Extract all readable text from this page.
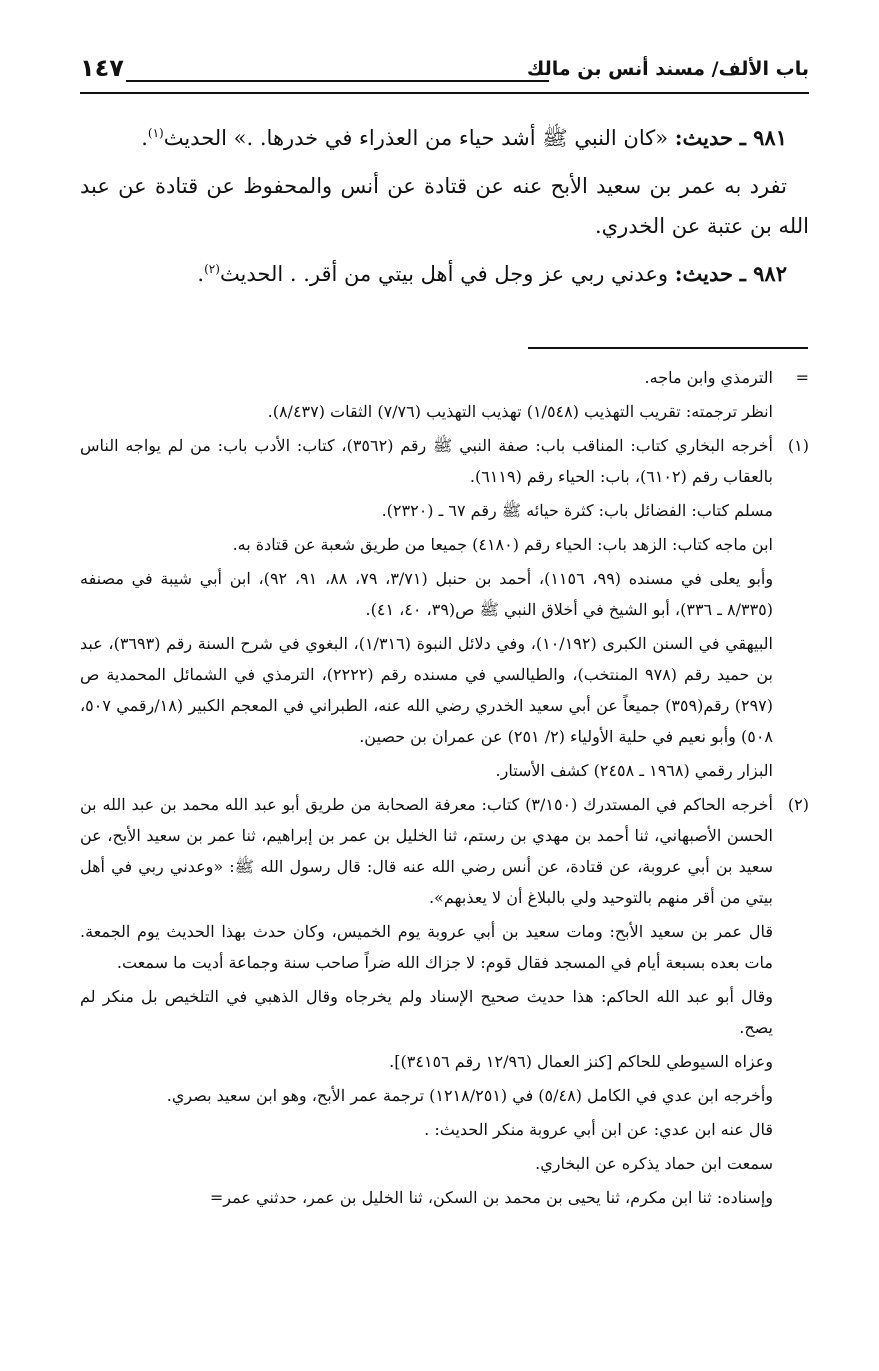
باب الألف/ مسند أنس بن مالك
١٤٧

٩٨١ ـ حديث: «كان النبي ﷺ أشد حياء من العذراء في خدرها. .» الحديث$^{(١)}$.

تفرد به عمر بن سعيد الأبح عنه عن قتادة عن أنس والمحفوظ عن قتادة عن عبد الله بن عتبة عن الخدري.

٩٨٢ ـ حديث: وعدني ربي عز وجل في أهل بيتي من أقر. . الحديث$^{(٢)}$.

=

الترمذي وابن ماجه.

انظر ترجمته: تقريب التهذيب (١/٥٤٨) تهذيب التهذيب (٧/٧٦) الثقات (٨/٤٣٧).

(١)

أخرجه البخاري كتاب: المناقب باب: صفة النبي ﷺ رقم (٣٥٦٢)، كتاب: الأدب باب: من لم يواجه الناس بالعقاب رقم (٦١٠٢)، باب: الحياء رقم (٦١١٩).

مسلم كتاب: الفضائل باب: كثرة حيائه ﷺ رقم ٦٧ ـ (٢٣٢٠).

ابن ماجه كتاب: الزهد باب: الحياء رقم (٤١٨٠) جميعا من طريق شعبة عن قتادة به.

وأبو يعلى في مسنده (٩٩، ١١٥٦)، أحمد بن حنبل (٣/٧١، ٧٩، ٨٨، ٩١، ٩٢)، ابن أبي شيبة في مصنفه (٨/٣٣٥ ـ ٣٣٦)، أبو الشيخ في أخلاق النبي ﷺ ص(٣٩، ٤٠، ٤١).

البيهقي في السنن الكبرى (١٠/١٩٢)، وفي دلائل النبوة (١/٣١٦)، البغوي في شرح السنة رقم (٣٦٩٣)، عبد بن حميد رقم (٩٧٨ المنتخب)، والطيالسي في مسنده رقم (٢٢٢٢)، الترمذي في الشمائل المحمدية ص (٢٩٧) رقم(٣٥٩) جميعاً عن أبي سعيد الخدري رضي الله عنه، الطبراني في المعجم الكبير (١٨/رقمي ٥٠٧، ٥٠٨) وأبو نعيم في حلية الأولياء (٢/ ٢٥١) عن عمران بن حصين.

البزار رقمي (١٩٦٨ ـ ٢٤٥٨) كشف الأستار.

(٢)

أخرجه الحاكم في المستدرك (٣/١٥٠) كتاب: معرفة الصحابة من طريق أبو عبد الله محمد بن عبد الله بن الحسن الأصبهاني، ثنا أحمد بن مهدي بن رستم، ثنا الخليل بن عمر بن إبراهيم، ثنا عمر بن سعيد الأبح، عن سعيد بن أبي عروبة، عن قتادة، عن أنس رضي الله عنه قال: قال رسول الله ﷺ: «وعدني ربي في أهل بيتي من أقر منهم بالتوحيد ولي بالبلاغ أن لا يعذبهم».

قال عمر بن سعيد الأبح: ومات سعيد بن أبي عروبة يوم الخميس، وكان حدث بهذا الحديث يوم الجمعة. مات بعده بسبعة أيام في المسجد فقال قوم: لا جزاك الله ضراً صاحب سنة وجماعة أديت ما سمعت.

وقال أبو عبد الله الحاكم: هذا حديث صحيح الإسناد ولم يخرجاه وقال الذهبي في التلخيص بل منكر لم يصح.

وعزاه السيوطي للحاكم [كنز العمال (١٢/٩٦ رقم ٣٤١٥٦)].

وأخرجه ابن عدي في الكامل (٥/٤٨) في (١٢١٨/٢٥١) ترجمة عمر الأبح، وهو ابن سعيد بصري.

قال عنه ابن عدي: عن ابن أبي عروبة منكر الحديث: .

سمعت ابن حماد يذكره عن البخاري.

وإسناده: ثنا ابن مكرم، ثنا يحيى بن محمد بن السكن، ثنا الخليل بن عمر، حدثني عمر=
